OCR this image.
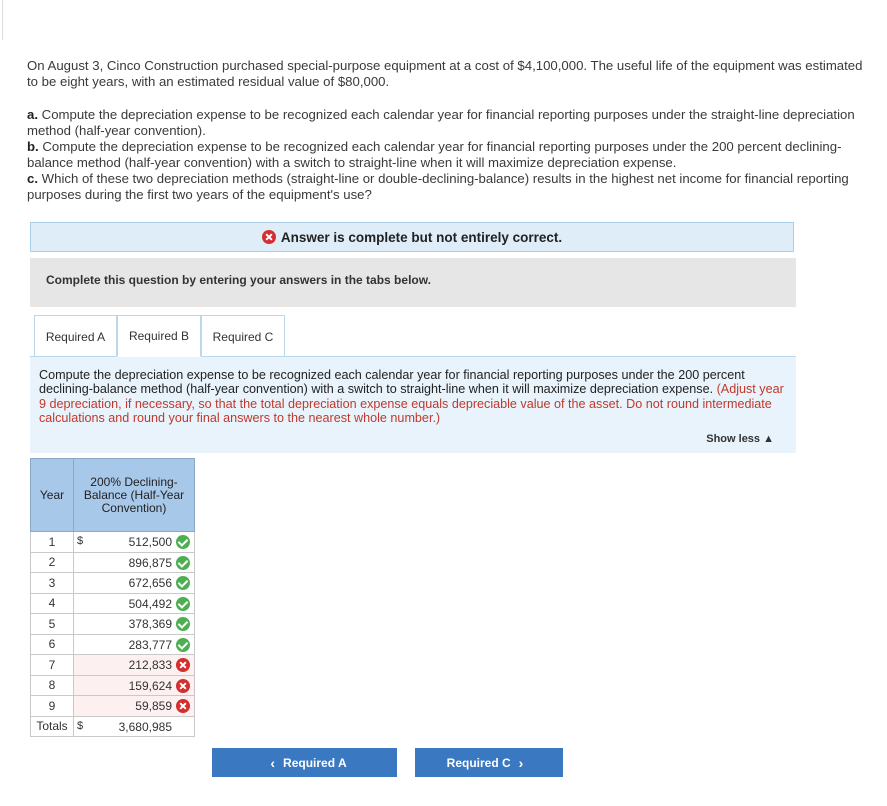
On August 3, Cinco Construction purchased special-purpose equipment at a cost of $4,100,000. The useful life of the equipment was estimated to be eight years, with an estimated residual value of $80,000.

a. Compute the depreciation expense to be recognized each calendar year for financial reporting purposes under the straight-line depreciation method (half-year convention).
b. Compute the depreciation expense to be recognized each calendar year for financial reporting purposes under the 200 percent declining-balance method (half-year convention) with a switch to straight-line when it will maximize depreciation expense.
c. Which of these two depreciation methods (straight-line or double-declining-balance) results in the highest net income for financial reporting purposes during the first two years of the equipment's use?
Answer is complete but not entirely correct.
Complete this question by entering your answers in the tabs below.
Required A Required B Required C
Compute the depreciation expense to be recognized each calendar year for financial reporting purposes under the 200 percent declining-balance method (half-year convention) with a switch to straight-line when it will maximize depreciation expense. (Adjust year 9 depreciation, if necessary, so that the total depreciation expense equals depreciable value of the asset. Do not round intermediate calculations and round your final answers to the nearest whole number.)
Show less ▲
Year	200% Declining-Balance (Half-Year Convention)
1	$ 512,500

2	896,875

3	672,656

4	504,492

5	378,369

6	283,777

7	212,833

8	159,624

9	59,859

Totals	$ 3,680,985
‹ Required A	Required C ›
